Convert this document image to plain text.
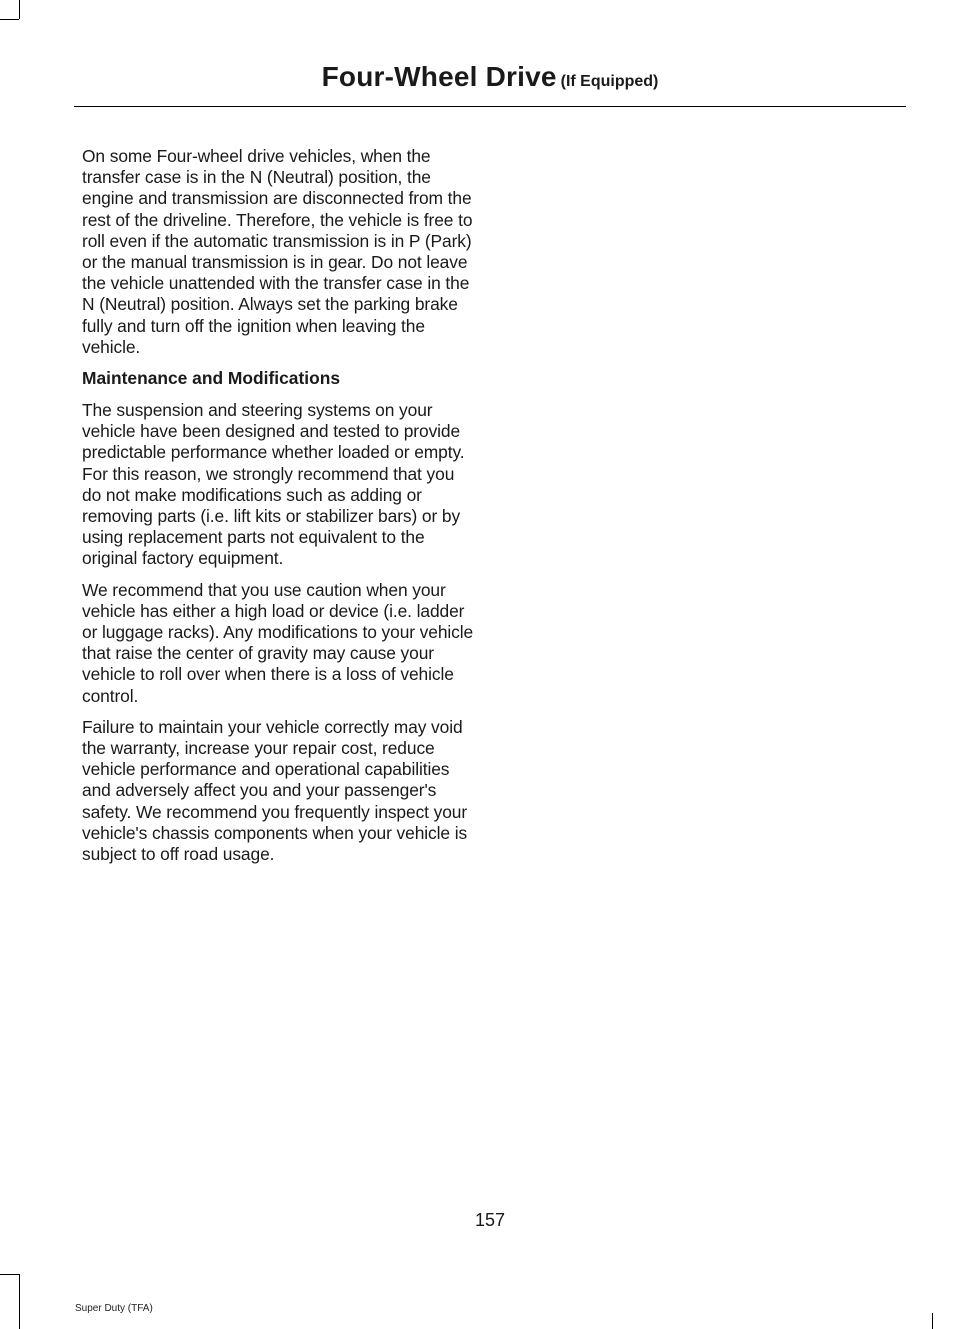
Four-Wheel Drive (If Equipped)

On some Four-wheel drive vehicles, when the transfer case is in the N (Neutral) position, the engine and transmission are disconnected from the rest of the driveline. Therefore, the vehicle is free to roll even if the automatic transmission is in P (Park) or the manual transmission is in gear. Do not leave the vehicle unattended with the transfer case in the N (Neutral) position. Always set the parking brake fully and turn off the ignition when leaving the vehicle.

Maintenance and Modifications

The suspension and steering systems on your vehicle have been designed and tested to provide predictable performance whether loaded or empty. For this reason, we strongly recommend that you do not make modifications such as adding or removing parts (i.e. lift kits or stabilizer bars) or by using replacement parts not equivalent to the original factory equipment.

We recommend that you use caution when your vehicle has either a high load or device (i.e. ladder or luggage racks). Any modifications to your vehicle that raise the center of gravity may cause your vehicle to roll over when there is a loss of vehicle control.

Failure to maintain your vehicle correctly may void the warranty, increase your repair cost, reduce vehicle performance and operational capabilities and adversely affect you and your passenger's safety. We recommend you frequently inspect your vehicle's chassis components when your vehicle is subject to off road usage.

157
Super Duty (TFA)
